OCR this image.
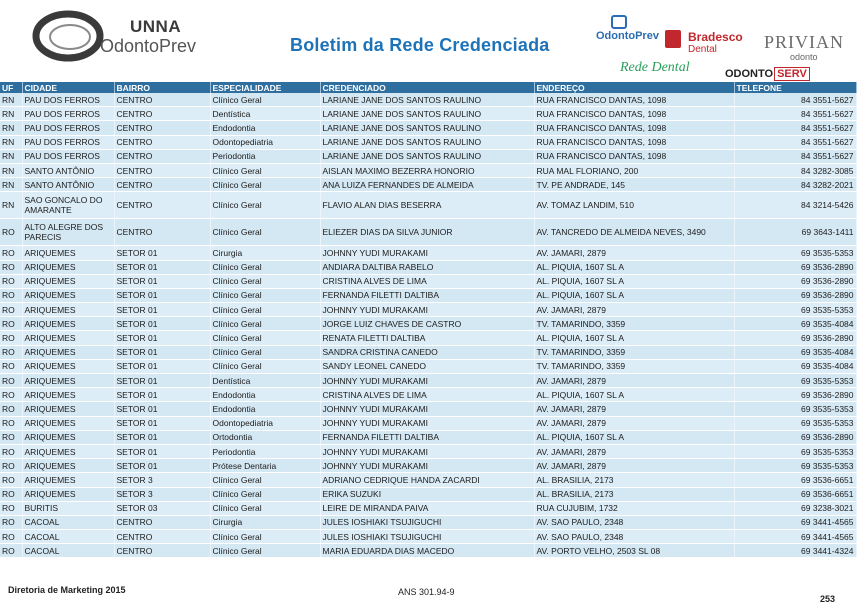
UNNA
OdontoPrev	Boletim da Rede Credenciada	OdontoPrev Bradesco
Dental	PRIVIAN
odonto
Rede Dental	ODONTO SERV
UF	CIDADE	BAIRRO	ESPECIALIDADE	CREDENCIADO	ENDEREÇO	TELEFONE
RN	PAU DOS FERROS	CENTRO	Clínico Geral	LARIANE JANE DOS SANTOS RAULINO	RUA FRANCISCO DANTAS, 1098	84 3551-5627
RN	PAU DOS FERROS	CENTRO	Dentística	LARIANE JANE DOS SANTOS RAULINO	RUA FRANCISCO DANTAS, 1098	84 3551-5627
RN	PAU DOS FERROS	CENTRO	Endodontia	LARIANE JANE DOS SANTOS RAULINO	RUA FRANCISCO DANTAS, 1098	84 3551-5627
RN	PAU DOS FERROS	CENTRO	Odontopediatria	LARIANE JANE DOS SANTOS RAULINO	RUA FRANCISCO DANTAS, 1098	84 3551-5627
RN	PAU DOS FERROS	CENTRO	Periodontia	LARIANE JANE DOS SANTOS RAULINO	RUA FRANCISCO DANTAS, 1098	84 3551-5627
RN	SANTO ANTÔNIO	CENTRO	Clínico Geral	AISLAN MAXIMO BEZERRA HONORIO	RUA MAL FLORIANO, 200	84 3282-3085
RN	SANTO ANTÔNIO	CENTRO	Clínico Geral	ANA LUIZA FERNANDES DE ALMEIDA	TV. PE ANDRADE, 145	84 3282-2021
RN	SAO GONCALO DO AMARANTE	CENTRO	Clínico Geral	FLAVIO ALAN DIAS BESERRA	AV. TOMAZ LANDIM, 510	84 3214-5426
RO	ALTO ALEGRE DOS PARECIS	CENTRO	Clínico Geral	ELIEZER DIAS DA SILVA JUNIOR	AV. TANCREDO DE ALMEIDA NEVES, 3490	69 3643-1411
RO	ARIQUEMES	SETOR 01	Cirurgia	JOHNNY YUDI MURAKAMI	AV. JAMARI, 2879	69 3535-5353
RO	ARIQUEMES	SETOR 01	Clínico Geral	ANDIARA DALTIBA RABELO	AL. PIQUIA, 1607 SL A	69 3536-2890
RO	ARIQUEMES	SETOR 01	Clínico Geral	CRISTINA ALVES DE LIMA	AL. PIQUIA, 1607 SL A	69 3536-2890
RO	ARIQUEMES	SETOR 01	Clínico Geral	FERNANDA FILETTI DALTIBA	AL. PIQUIA, 1607 SL A	69 3536-2890
RO	ARIQUEMES	SETOR 01	Clínico Geral	JOHNNY YUDI MURAKAMI	AV. JAMARI, 2879	69 3535-5353
RO	ARIQUEMES	SETOR 01	Clínico Geral	JORGE LUIZ CHAVES DE CASTRO	TV. TAMARINDO, 3359	69 3535-4084
RO	ARIQUEMES	SETOR 01	Clínico Geral	RENATA FILETTI DALTIBA	AL. PIQUIA, 1607 SL A	69 3536-2890
RO	ARIQUEMES	SETOR 01	Clínico Geral	SANDRA CRISTINA CANEDO	TV. TAMARINDO, 3359	69 3535-4084
RO	ARIQUEMES	SETOR 01	Clínico Geral	SANDY LEONEL CANEDO	TV. TAMARINDO, 3359	69 3535-4084
RO	ARIQUEMES	SETOR 01	Dentística	JOHNNY YUDI MURAKAMI	AV. JAMARI, 2879	69 3535-5353
RO	ARIQUEMES	SETOR 01	Endodontia	CRISTINA ALVES DE LIMA	AL. PIQUIA, 1607 SL A	69 3536-2890
RO	ARIQUEMES	SETOR 01	Endodontia	JOHNNY YUDI MURAKAMI	AV. JAMARI, 2879	69 3535-5353
RO	ARIQUEMES	SETOR 01	Odontopediatria	JOHNNY YUDI MURAKAMI	AV. JAMARI, 2879	69 3535-5353
RO	ARIQUEMES	SETOR 01	Ortodontia	FERNANDA FILETTI DALTIBA	AL. PIQUIA, 1607 SL A	69 3536-2890
RO	ARIQUEMES	SETOR 01	Periodontia	JOHNNY YUDI MURAKAMI	AV. JAMARI, 2879	69 3535-5353
RO	ARIQUEMES	SETOR 01	Prótese Dentaria	JOHNNY YUDI MURAKAMI	AV. JAMARI, 2879	69 3535-5353
RO	ARIQUEMES	SETOR 3	Clínico Geral	ADRIANO CEDRIQUE HANDA ZACARDI	AL. BRASILIA, 2173	69 3536-6651
RO	ARIQUEMES	SETOR 3	Clínico Geral	ERIKA SUZUKI	AL. BRASILIA, 2173	69 3536-6651
RO	BURITIS	SETOR 03	Clínico Geral	LEIRE DE MIRANDA PAIVA	RUA CUJUBIM, 1732	69 3238-3021
RO	CACOAL	CENTRO	Cirurgia	JULES IOSHIAKI TSUJIGUCHI	AV. SAO PAULO, 2348	69 3441-4565
RO	CACOAL	CENTRO	Clínico Geral	JULES IOSHIAKI TSUJIGUCHI	AV. SAO PAULO, 2348	69 3441-4565
RO	CACOAL	CENTRO	Clínico Geral	MARIA EDUARDA DIAS MACEDO	AV. PORTO VELHO, 2503 SL 08	69 3441-4324
Diretoria de Marketing 2015	ANS 301.94-9
253
